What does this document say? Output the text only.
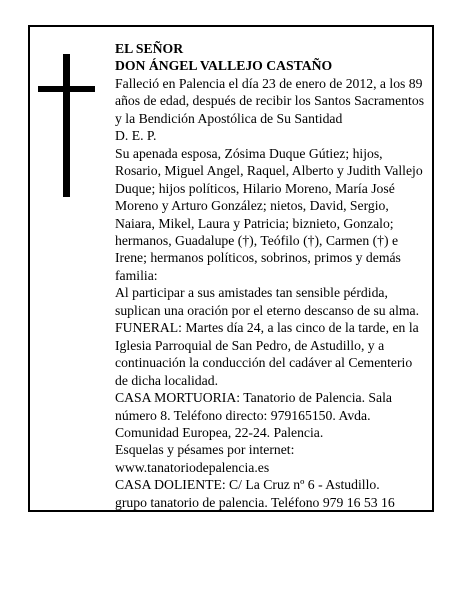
EL SEÑOR

DON ÁNGEL VALLEJO CASTAÑO

Falleció en Palencia el día 23 de enero de 2012, a los 89 años de edad, después de recibir los Santos Sacramentos y la Bendición Apostólica de Su Santidad

D. E. P.

Su apenada esposa, Zósima Duque Gútiez; hijos, Rosario, Miguel Angel, Raquel, Alberto y Judith Vallejo Duque; hijos políticos, Hilario Moreno, María José Moreno y Arturo González; nietos, David, Sergio, Naiara, Mikel, Laura y Patricia; biznieto, Gonzalo; hermanos, Guadalupe (†), Teófilo (†), Carmen (†) e Irene; hermanos políticos, sobrinos, primos y demás familia:

Al participar a sus amistades tan sensible pérdida, suplican una oración por el eterno descanso de su alma.

FUNERAL: Martes día 24, a las cinco de la tarde, en la Iglesia Parroquial de San Pedro, de Astudillo, y a continuación la conducción del cadáver al Cementerio de dicha localidad.

CASA MORTUORIA: Tanatorio de Palencia. Sala número 8. Teléfono directo: 979165150. Avda. Comunidad Europea, 22-24. Palencia.

Esquelas y pésames por internet:

www.tanatoriodepalencia.es

CASA DOLIENTE: C/ La Cruz nº 6 - Astudillo.

grupo tanatorio de palencia. Teléfono 979 16 53 16
